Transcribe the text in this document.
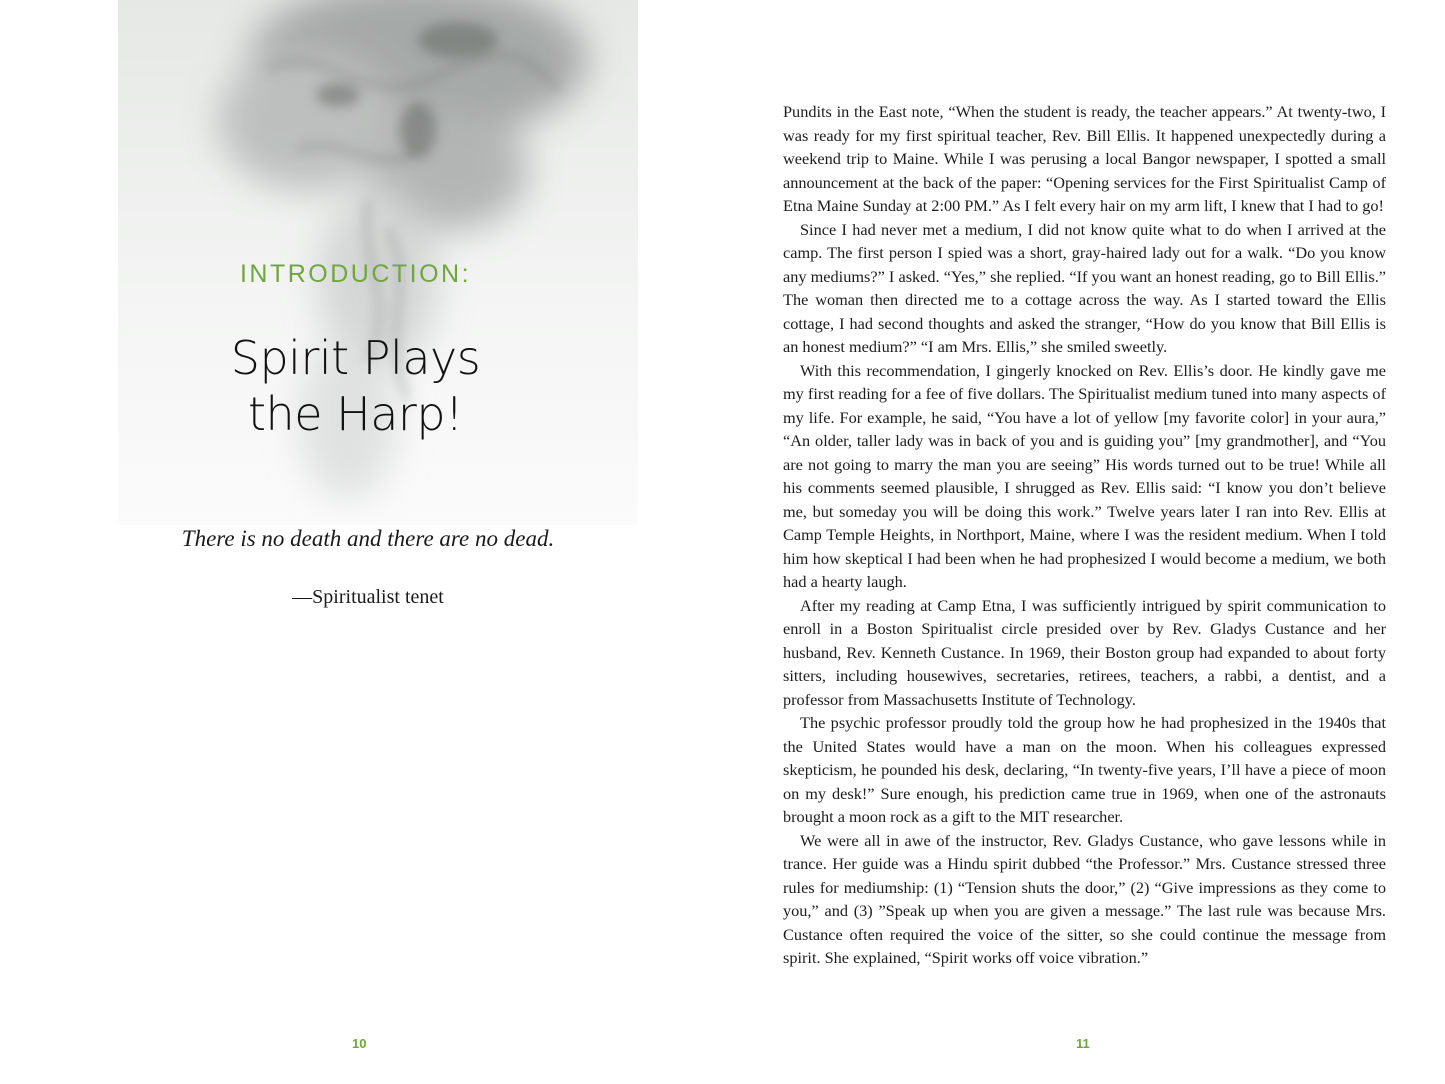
INTRODUCTION:
Spirit Plays
the Harp!
There is no death and there are no dead.
—Spiritualist tenet
10

Pundits in the East note, “When the student is ready, the teacher appears.” At twenty-two, I was ready for my first spiritual teacher, Rev. Bill Ellis. It happened unexpectedly during a weekend trip to Maine. While I was perusing a local Bangor newspaper, I spotted a small announcement at the back of the paper: “Opening services for the First Spiritualist Camp of Etna Maine Sunday at 2:00 PM.” As I felt every hair on my arm lift, I knew that I had to go!

Since I had never met a medium, I did not know quite what to do when I arrived at the camp. The first person I spied was a short, gray-haired lady out for a walk. “Do you know any mediums?” I asked. “Yes,” she replied. “If you want an honest reading, go to Bill Ellis.” The woman then directed me to a cottage across the way. As I started toward the Ellis cottage, I had second thoughts and asked the stranger, “How do you know that Bill Ellis is an honest medium?” “I am Mrs. Ellis,” she smiled sweetly.

With this recommendation, I gingerly knocked on Rev. Ellis’s door. He kindly gave me my first reading for a fee of five dollars. The Spiritualist medium tuned into many aspects of my life. For example, he said, “You have a lot of yellow [my favorite color] in your aura,” “An older, taller lady was in back of you and is guiding you” [my grandmother], and “You are not going to marry the man you are seeing” His words turned out to be true! While all his comments seemed plausible, I shrugged as Rev. Ellis said: “I know you don’t believe me, but someday you will be doing this work.” Twelve years later I ran into Rev. Ellis at Camp Temple Heights, in Northport, Maine, where I was the resident medium. When I told him how skeptical I had been when he had prophesized I would become a medium, we both had a hearty laugh.

After my reading at Camp Etna, I was sufficiently intrigued by spirit communication to enroll in a Boston Spiritualist circle presided over by Rev. Gladys Custance and her husband, Rev. Kenneth Custance. In 1969, their Boston group had expanded to about forty sitters, including housewives, secretaries, retirees, teachers, a rabbi, a dentist, and a professor from Massachusetts Institute of Technology.

The psychic professor proudly told the group how he had prophesized in the 1940s that the United States would have a man on the moon. When his colleagues expressed skepticism, he pounded his desk, declaring, “In twenty-five years, I’ll have a piece of moon on my desk!” Sure enough, his prediction came true in 1969, when one of the astronauts brought a moon rock as a gift to the MIT researcher.

We were all in awe of the instructor, Rev. Gladys Custance, who gave lessons while in trance. Her guide was a Hindu spirit dubbed “the Professor.” Mrs. Custance stressed three rules for mediumship: (1) “Tension shuts the door,” (2) “Give impressions as they come to you,” and (3) ”Speak up when you are given a message.” The last rule was because Mrs. Custance often required the voice of the sitter, so she could continue the message from spirit. She explained, “Spirit works off voice vibration.”

11
